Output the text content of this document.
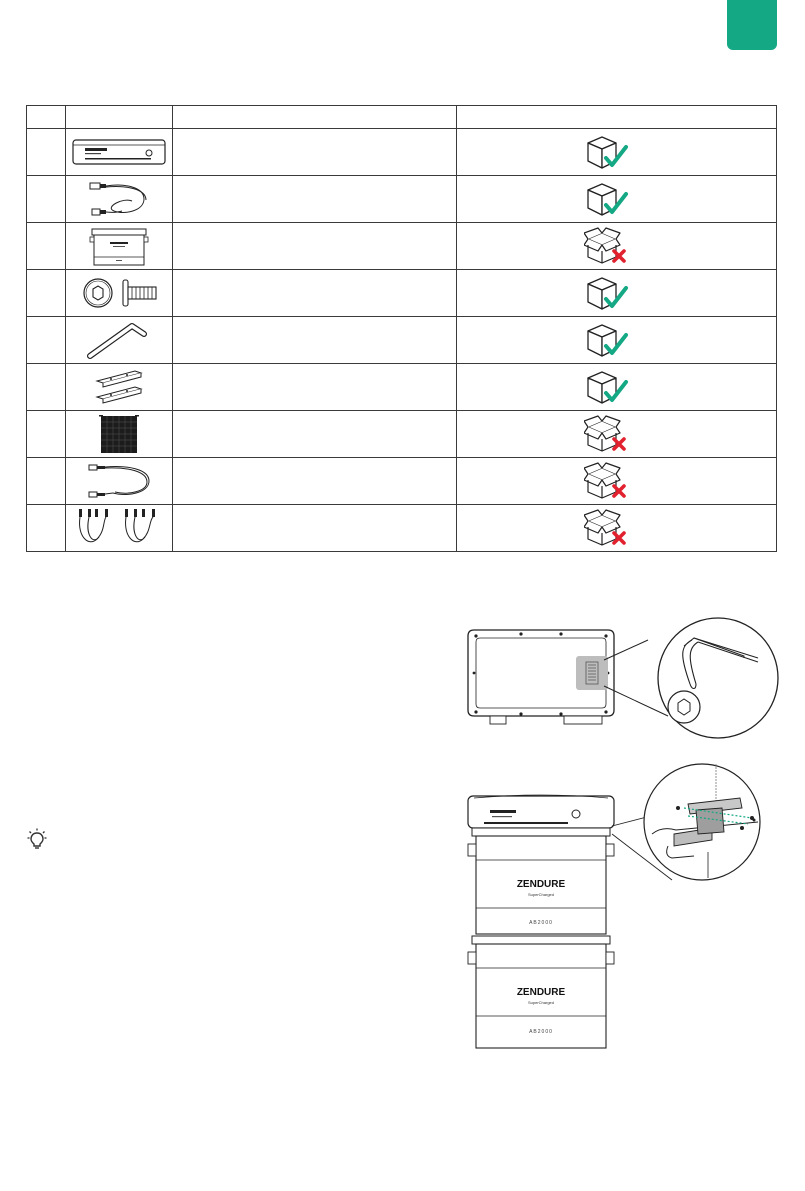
ZENDURE
SuperCharged
AB2000
ZENDURE
SuperCharged
AB2000
